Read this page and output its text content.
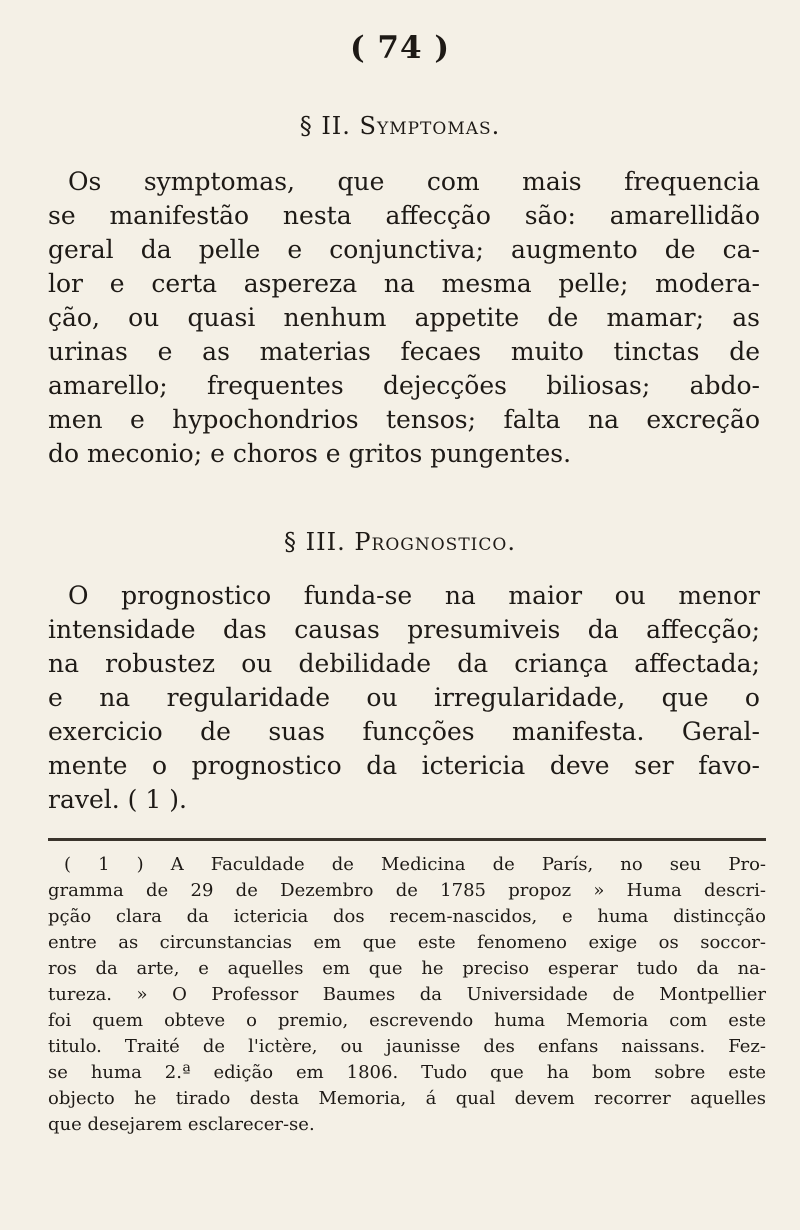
( 74 )
§ II. Symptomas.
Os symptomas, que com mais frequencia
se manifestão nesta affecção são: amarellidão
geral da pelle e conjunctiva; augmento de ca-
lor e certa aspereza na mesma pelle; modera-
ção, ou quasi nenhum appetite de mamar; as
urinas e as materias fecaes muito tinctas de
amarello; frequentes dejecções biliosas; abdo-
men e hypochondrios tensos; falta na excreção
do meconio; e choros e gritos pungentes.
§ III. Prognostico.
O prognostico funda-se na maior ou menor
intensidade das causas presumiveis da affecção;
na robustez ou debilidade da criança affectada;
e na regularidade ou irregularidade, que o
exercicio de suas funcções manifesta. Geral-
mente o prognostico da ictericia deve ser favo-
ravel. ( 1 ).
( 1 ) A Faculdade de Medicina de París, no seu Pro-
gramma de 29 de Dezembro de 1785 propoz » Huma descri-
pção clara da ictericia dos recem-nascidos, e huma distincção
entre as circunstancias em que este fenomeno exige os soccor-
ros da arte, e aquelles em que he preciso esperar tudo da na-
tureza. » O Professor Baumes da Universidade de Montpellier
foi quem obteve o premio, escrevendo huma Memoria com este
titulo. Traité de l'ictère, ou jaunisse des enfans naissans. Fez-
se huma 2.ª edição em 1806. Tudo que ha bom sobre este
objecto he tirado desta Memoria, á qual devem recorrer aquelles
que desejarem esclarecer-se.
